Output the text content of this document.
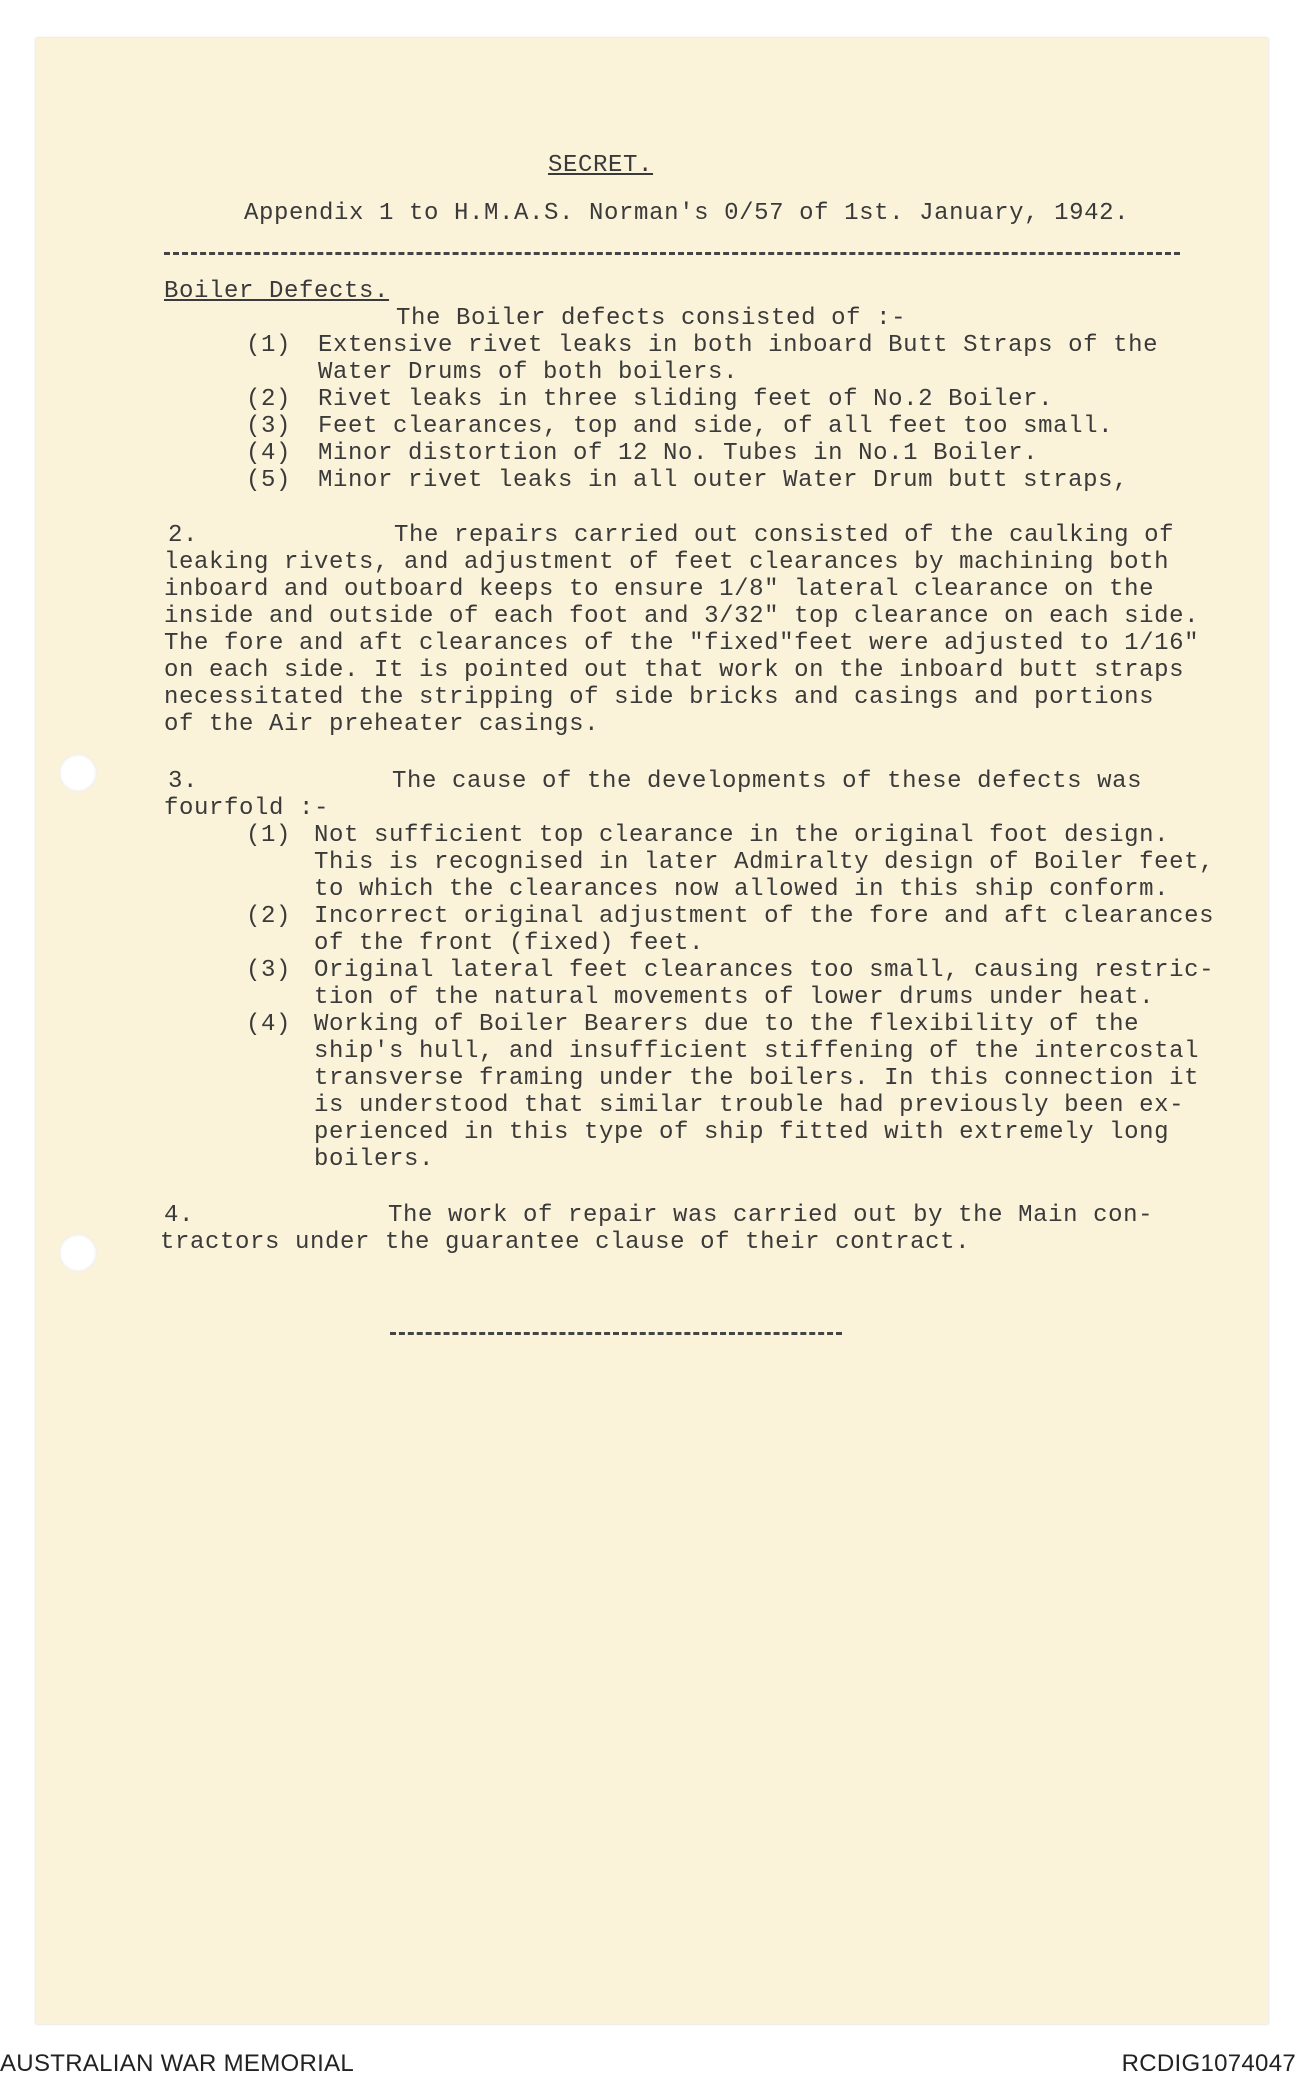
SECRET.
Appendix 1 to H.M.A.S. Norman's 0/57 of 1st. January, 1942.
Boiler Defects.
The Boiler defects consisted of :-
(1) Extensive rivet leaks in both inboard Butt Straps of the
Water Drums of both boilers.
(2) Rivet leaks in three sliding feet of No.2 Boiler.
(3) Feet clearances, top and side, of all feet too small.
(4) Minor distortion of 12 No. Tubes in No.1 Boiler.
(5) Minor rivet leaks in all outer Water Drum butt straps,
2.	The repairs carried out consisted of the caulking of
leaking rivets, and adjustment of feet clearances by machining both
inboard and outboard keeps to ensure 1/8" lateral clearance on the
inside and outside of each foot and 3/32" top clearance on each side.
The fore and aft clearances of the "fixed"feet were adjusted to 1/16"
on each side. It is pointed out that work on the inboard butt straps
necessitated the stripping of side bricks and casings and portions
of the Air preheater casings.
3.	The cause of the developments of these defects was
fourfold :-
(1) Not sufficient top clearance in the original foot design.
This is recognised in later Admiralty design of Boiler feet,
to which the clearances now allowed in this ship conform.
(2) Incorrect original adjustment of the fore and aft clearances
of the front (fixed) feet.
(3) Original lateral feet clearances too small, causing restric-
tion of the natural movements of lower drums under heat.
(4) Working of Boiler Bearers due to the flexibility of the
ship's hull, and insufficient stiffening of the intercostal
transverse framing under the boilers. In this connection it
is understood that similar trouble had previously been ex-
perienced in this type of ship fitted with extremely long
boilers.
4.	The work of repair was carried out by the Main con-
tractors under the guarantee clause of their contract.
AUSTRALIAN WAR MEMORIAL	RCDIG1074047
